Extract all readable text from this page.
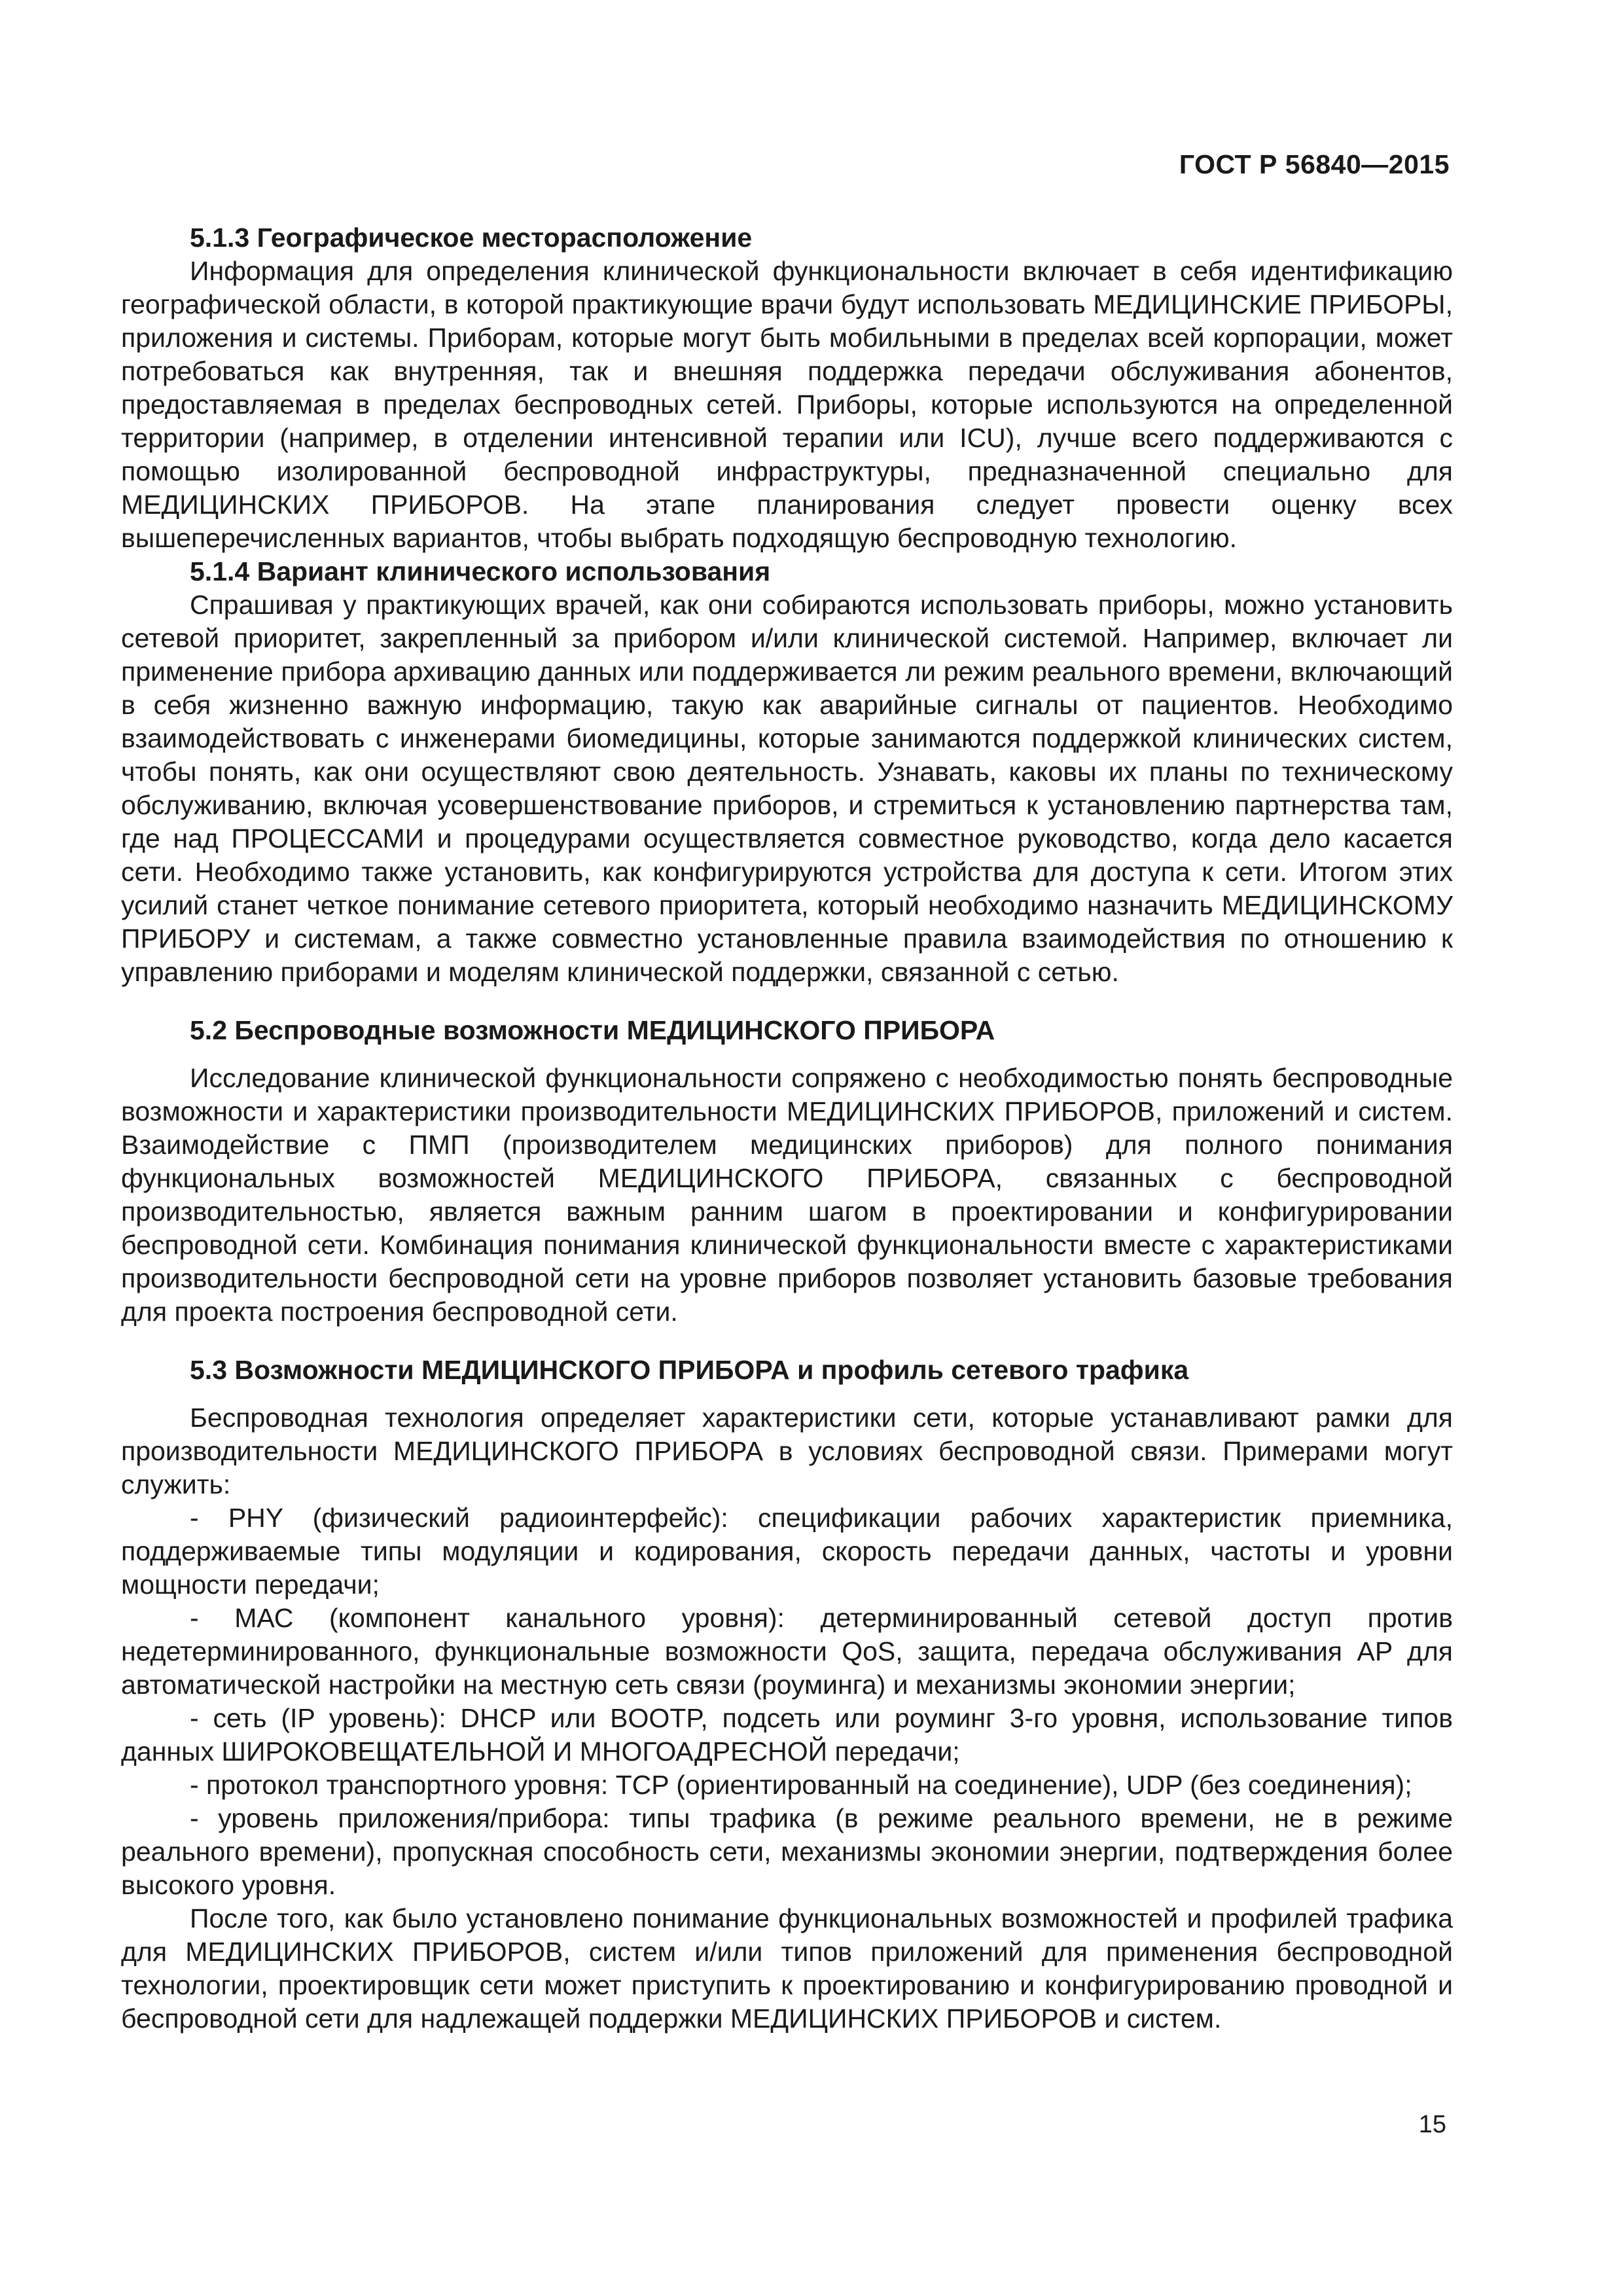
ГОСТ Р 56840—2015
5.1.3 Географическое месторасположение

Информация для определения клинической функциональности включает в себя идентификацию географической области, в которой практикующие врачи будут использовать МЕДИЦИНСКИЕ ПРИБОРЫ, приложения и системы. Приборам, которые могут быть мобильными в пределах всей корпорации, может потребоваться как внутренняя, так и внешняя поддержка передачи обслуживания абонентов, предоставляемая в пределах беспроводных сетей. Приборы, которые используются на определенной территории (например, в отделении интенсивной терапии или ICU), лучше всего поддерживаются с помощью изолированной беспроводной инфраструктуры, предназначенной специально для МЕДИЦИНСКИХ ПРИБОРОВ. На этапе планирования следует провести оценку всех вышеперечисленных вариантов, чтобы выбрать подходящую беспроводную технологию.

5.1.4 Вариант клинического использования

Спрашивая у практикующих врачей, как они собираются использовать приборы, можно установить сетевой приоритет, закрепленный за прибором и/или клинической системой. Например, включает ли применение прибора архивацию данных или поддерживается ли режим реального времени, включающий в себя жизненно важную информацию, такую как аварийные сигналы от пациентов. Необходимо взаимодействовать с инженерами биомедицины, которые занимаются поддержкой клинических систем, чтобы понять, как они осуществляют свою деятельность. Узнавать, каковы их планы по техническому обслуживанию, включая усовершенствование приборов, и стремиться к установлению партнерства там, где над ПРОЦЕССАМИ и процедурами осуществляется совместное руководство, когда дело касается сети. Необходимо также установить, как конфигурируются устройства для доступа к сети. Итогом этих усилий станет четкое понимание сетевого приоритета, который необходимо назначить МЕДИЦИНСКОМУ ПРИБОРУ и системам, а также совместно установленные правила взаимодействия по отношению к управлению приборами и моделям клинической поддержки, связанной с сетью.

5.2 Беспроводные возможности МЕДИЦИНСКОГО ПРИБОРА

Исследование клинической функциональности сопряжено с необходимостью понять беспроводные возможности и характеристики производительности МЕДИЦИНСКИХ ПРИБОРОВ, приложений и систем. Взаимодействие с ПМП (производителем медицинских приборов) для полного понимания функциональных возможностей МЕДИЦИНСКОГО ПРИБОРА, связанных с беспроводной производительностью, является важным ранним шагом в проектировании и конфигурировании беспроводной сети. Комбинация понимания клинической функциональности вместе с характеристиками производительности беспроводной сети на уровне приборов позволяет установить базовые требования для проекта построения беспроводной сети.

5.3 Возможности МЕДИЦИНСКОГО ПРИБОРА и профиль сетевого трафика

Беспроводная технология определяет характеристики сети, которые устанавливают рамки для производительности МЕДИЦИНСКОГО ПРИБОРА в условиях беспроводной связи. Примерами могут служить:

- PHY (физический радиоинтерфейс): спецификации рабочих характеристик приемника, поддерживаемые типы модуляции и кодирования, скорость передачи данных, частоты и уровни мощности передачи;

- МАС (компонент канального уровня): детерминированный сетевой доступ против недетерминированного, функциональные возможности QoS, защита, передача обслуживания AP для автоматической настройки на местную сеть связи (роуминга) и механизмы экономии энергии;

- сеть (IP уровень): DHCP или BOOTP, подсеть или роуминг 3-го уровня, использование типов данных ШИРОКОВЕЩАТЕЛЬНОЙ И МНОГОАДРЕСНОЙ передачи;

- протокол транспортного уровня: TCP (ориентированный на соединение), UDP (без соединения);

- уровень приложения/прибора: типы трафика (в режиме реального времени, не в режиме реального времени), пропускная способность сети, механизмы экономии энергии, подтверждения более высокого уровня.

После того, как было установлено понимание функциональных возможностей и профилей трафика для МЕДИЦИНСКИХ ПРИБОРОВ, систем и/или типов приложений для применения беспроводной технологии, проектировщик сети может приступить к проектированию и конфигурированию проводной и беспроводной сети для надлежащей поддержки МЕДИЦИНСКИХ ПРИБОРОВ и систем.

15
